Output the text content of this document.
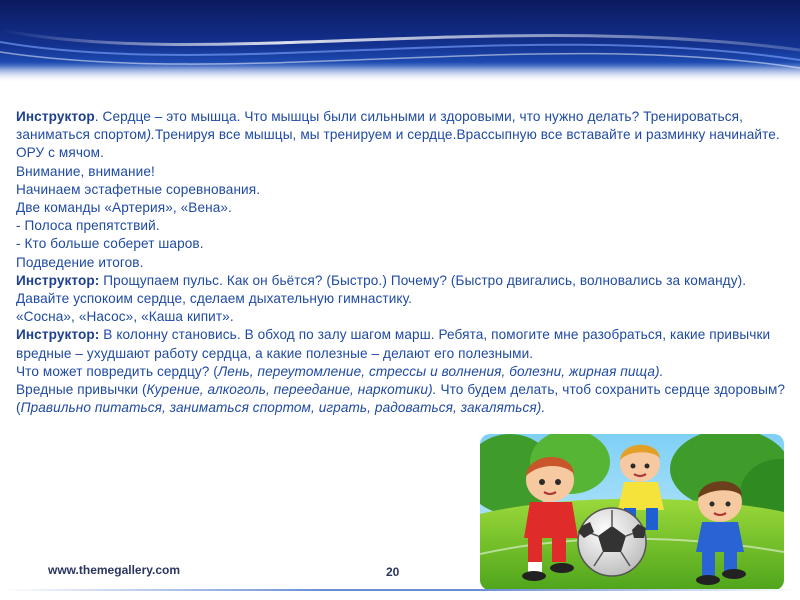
Инструктор. Сердце – это мышца. Что мышцы были сильными и здоровыми, что нужно делать? Тренироваться, заниматься спортом).Тренируя все мышцы, мы тренируем и сердце.Врассыпную все вставайте и разминку начинайте. ОРУ с мячом.

Внимание, внимание!

Начинаем эстафетные соревнования.

Две команды «Артерия», «Вена».

- Полоса препятствий.

- Кто больше соберет шаров.

Подведение итогов.

Инструктор: Прощупаем пульс. Как он бьётся? (Быстро.) Почему? (Быстро двигались, волновались за команду). Давайте успокоим сердце, сделаем дыхательную гимнастику.

«Сосна», «Насос», «Каша кипит».

Инструктор: В колонну становись. В обход по залу шагом марш. Ребята, помогите мне разобраться, какие привычки вредные – ухудшают работу сердца, а какие полезные – делают его полезными.

Что может повредить сердцу? (Лень, переутомление, стрессы и волнения, болезни, жирная пища).

Вредные привычки (Курение, алкоголь, переедание, наркотики). Что будем делать, чтоб сохранить сердце здоровым? (Правильно питаться, заниматься спортом, играть, радоваться, закаляться).

www.themegallery.com	20
